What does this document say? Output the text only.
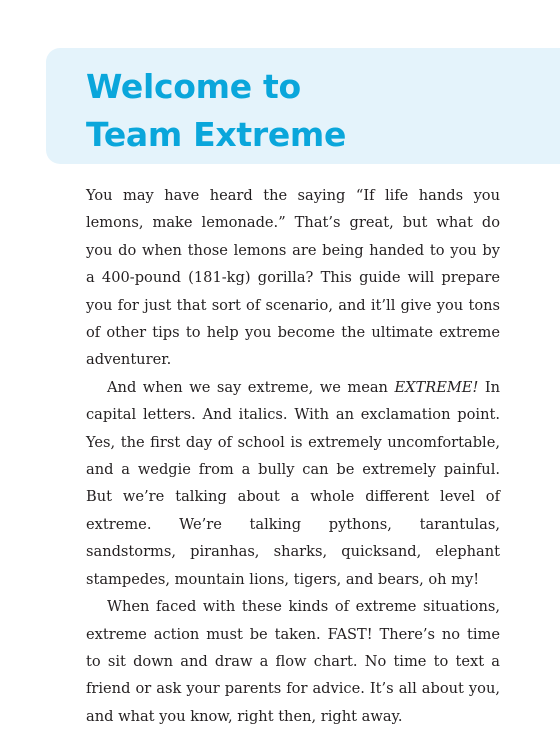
Welcome to
Team Extreme

You may have heard the saying “If life hands you lemons, make lemonade.” That’s great, but what do you do when those lemons are being handed to you by a 400-pound (181-kg) gorilla? This guide will prepare you for just that sort of scenario, and it’ll give you tons of other tips to help you become the ultimate extreme adventurer.

And when we say extreme, we mean EXTREME! In capital letters. And italics. With an exclamation point. Yes, the first day of school is extremely uncomfortable, and a wedgie from a bully can be extremely painful. But we’re talking about a whole different level of extreme. We’re talking pythons, tarantulas, sandstorms, piranhas, sharks, quicksand, elephant stampedes, mountain lions, tigers, and bears, oh my!

When faced with these kinds of extreme situations, extreme action must be taken. FAST! There’s no time to sit down and draw a flow chart. No time to text a friend or ask your parents for advice. It’s all about you, and what you know, right then, right away.
